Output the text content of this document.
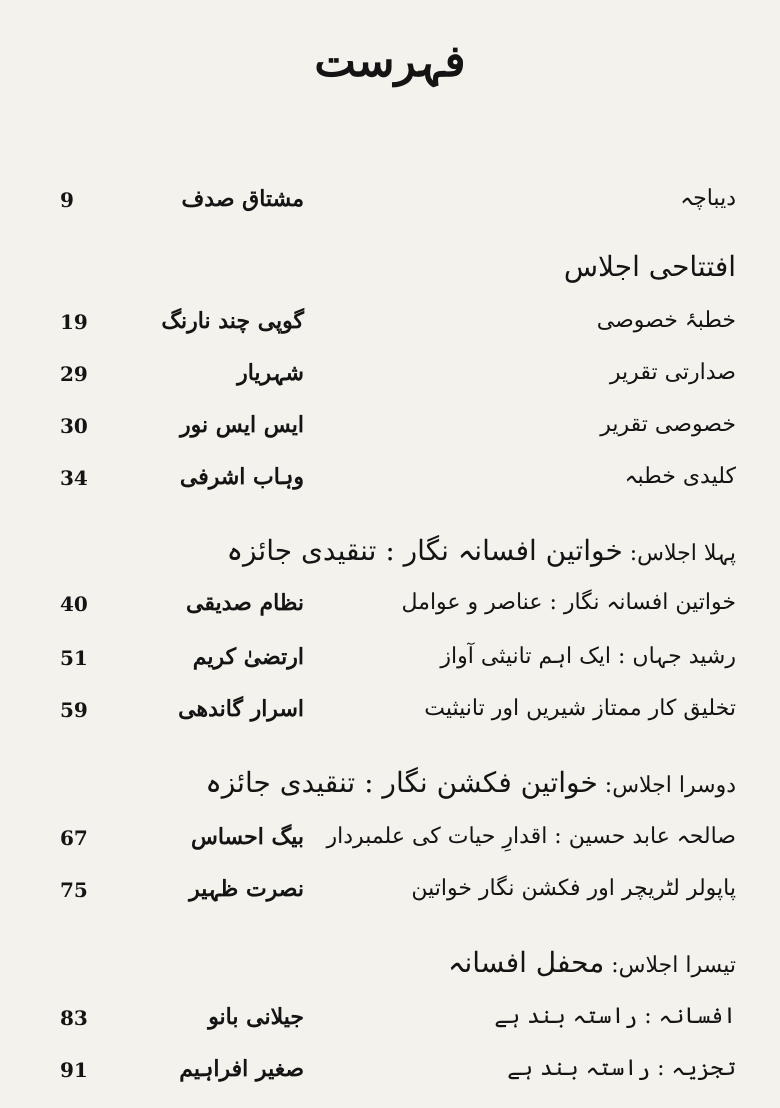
فہرست
دیباچہ
مشتاق صدف
9
افتتاحی اجلاس
خطبۂ خصوصی
گوپی چند نارنگ
19
صدارتی تقریر
شہریار
29
خصوصی تقریر
ایس ایس نور
30
کلیدی خطبہ
وہاب اشرفی
34
پہلا اجلاس: خواتین افسانہ نگار : تنقیدی جائزہ
خواتین افسانہ نگار : عناصر و عوامل
نظام صدیقی
40
رشید جہاں : ایک اہم تانیثی آواز
ارتضیٰ کریم
51
تخلیق کار ممتاز شیریں اور تانیثیت
اسرار گاندھی
59
دوسرا اجلاس: خواتین فکشن نگار : تنقیدی جائزہ
صالحہ عابد حسین : اقدارِ حیات کی علمبردار
بیگ احساس
67
پاپولر لٹریچر اور فکشن نگار خواتین
نصرت ظہیر
75
تیسرا اجلاس: محفل افسانہ
افسانہ : راستہ بند ہے
جیلانی بانو
83
تجزیہ : راستہ بند ہے
صغیر افراہیم
91
